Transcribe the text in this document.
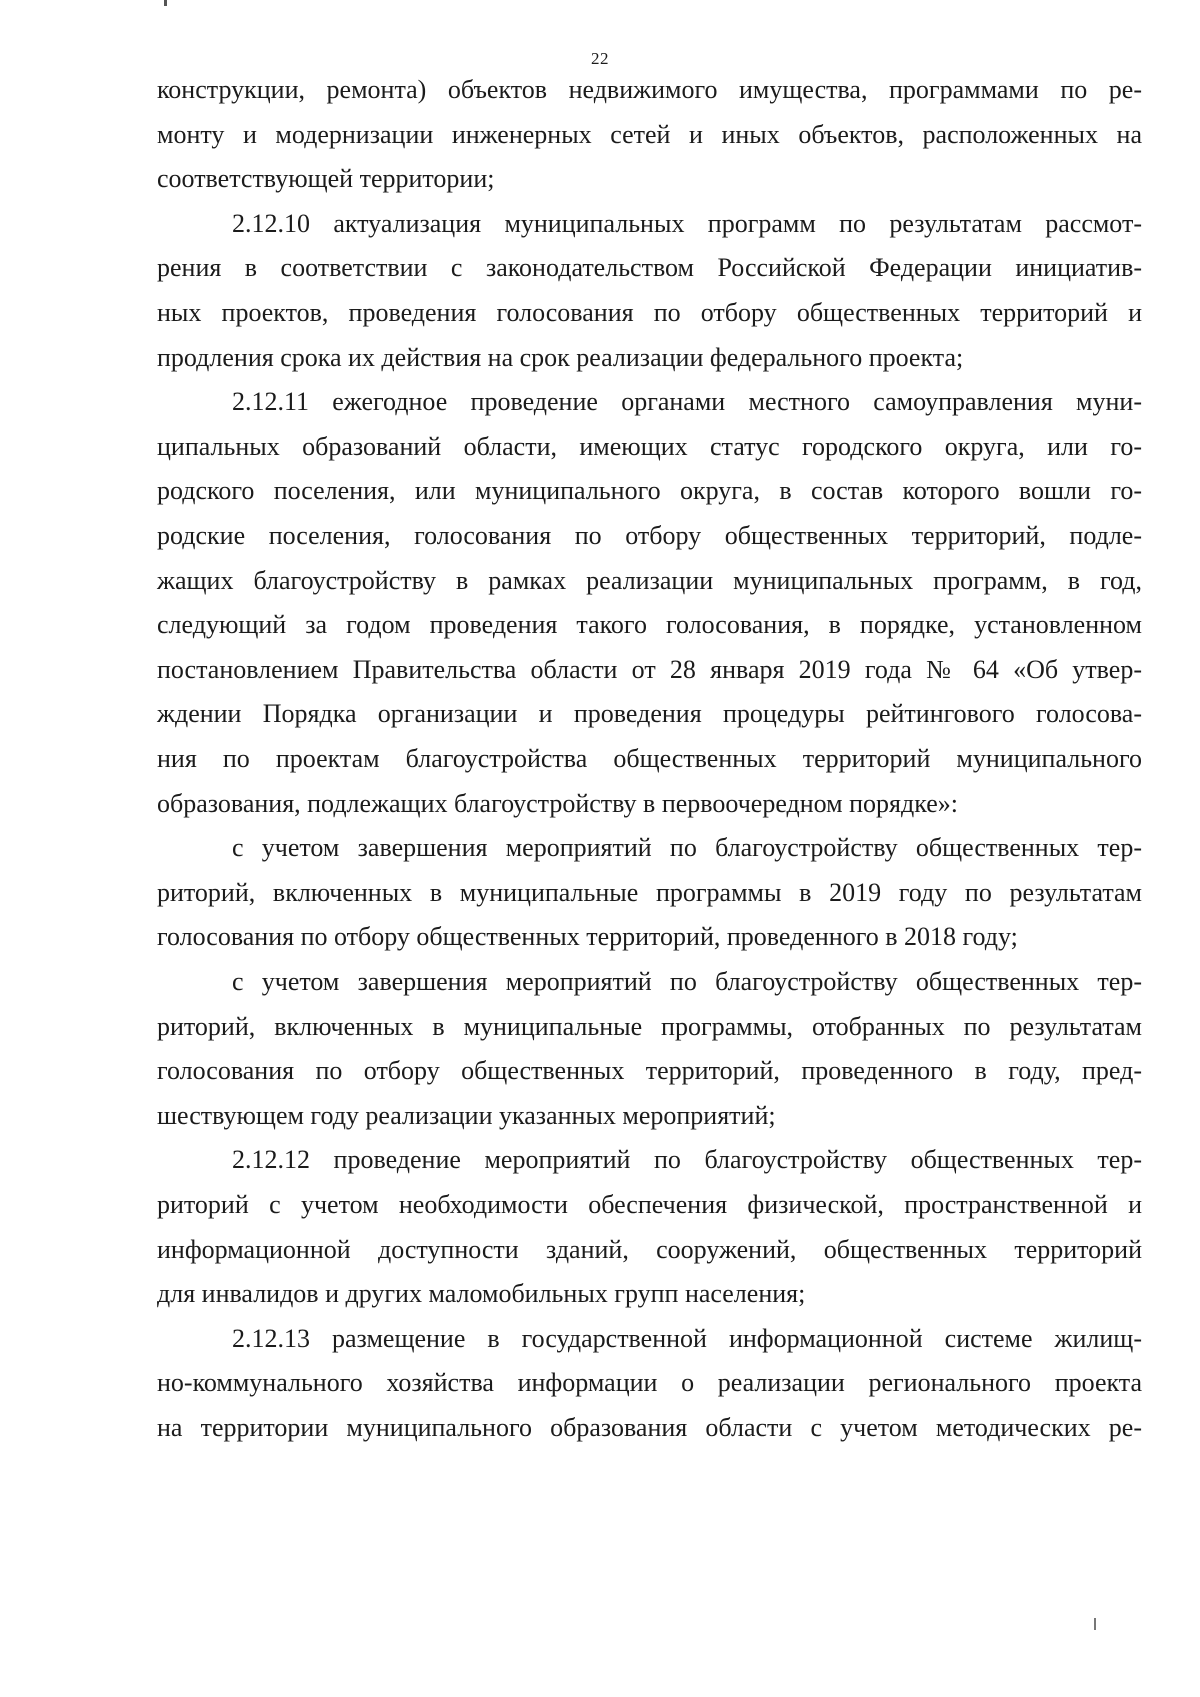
22
конструкции, ремонта) объектов недвижимого имущества, программами по ре-
монту и модернизации инженерных сетей и иных объектов, расположенных на
соответствующей территории;
2.12.10 актуализация муниципальных программ по результатам рассмот-
рения в соответствии с законодательством Российской Федерации инициатив-
ных проектов, проведения голосования по отбору общественных территорий и
продления срока их действия на срок реализации федерального проекта;
2.12.11 ежегодное проведение органами местного самоуправления муни-
ципальных образований области, имеющих статус городского округа, или го-
родского поселения, или муниципального округа, в состав которого вошли го-
родские поселения, голосования по отбору общественных территорий, подле-
жащих благоустройству в рамках реализации муниципальных программ, в год,
следующий за годом проведения такого голосования, в порядке, установленном
постановлением Правительства области от 28 января 2019 года № 64 «Об утвер-
ждении Порядка организации и проведения процедуры рейтингового голосова-
ния по проектам благоустройства общественных территорий муниципального
образования, подлежащих благоустройству в первоочередном порядке»:
с учетом завершения мероприятий по благоустройству общественных тер-
риторий, включенных в муниципальные программы в 2019 году по результатам
голосования по отбору общественных территорий, проведенного в 2018 году;
с учетом завершения мероприятий по благоустройству общественных тер-
риторий, включенных в муниципальные программы, отобранных по результатам
голосования по отбору общественных территорий, проведенного в году, пред-
шествующем году реализации указанных мероприятий;
2.12.12 проведение мероприятий по благоустройству общественных тер-
риторий с учетом необходимости обеспечения физической, пространственной и
информационной доступности зданий, сооружений, общественных территорий
для инвалидов и других маломобильных групп населения;
2.12.13 размещение в государственной информационной системе жилищ-
но-коммунального хозяйства информации о реализации регионального проекта
на территории муниципального образования области с учетом методических ре-
